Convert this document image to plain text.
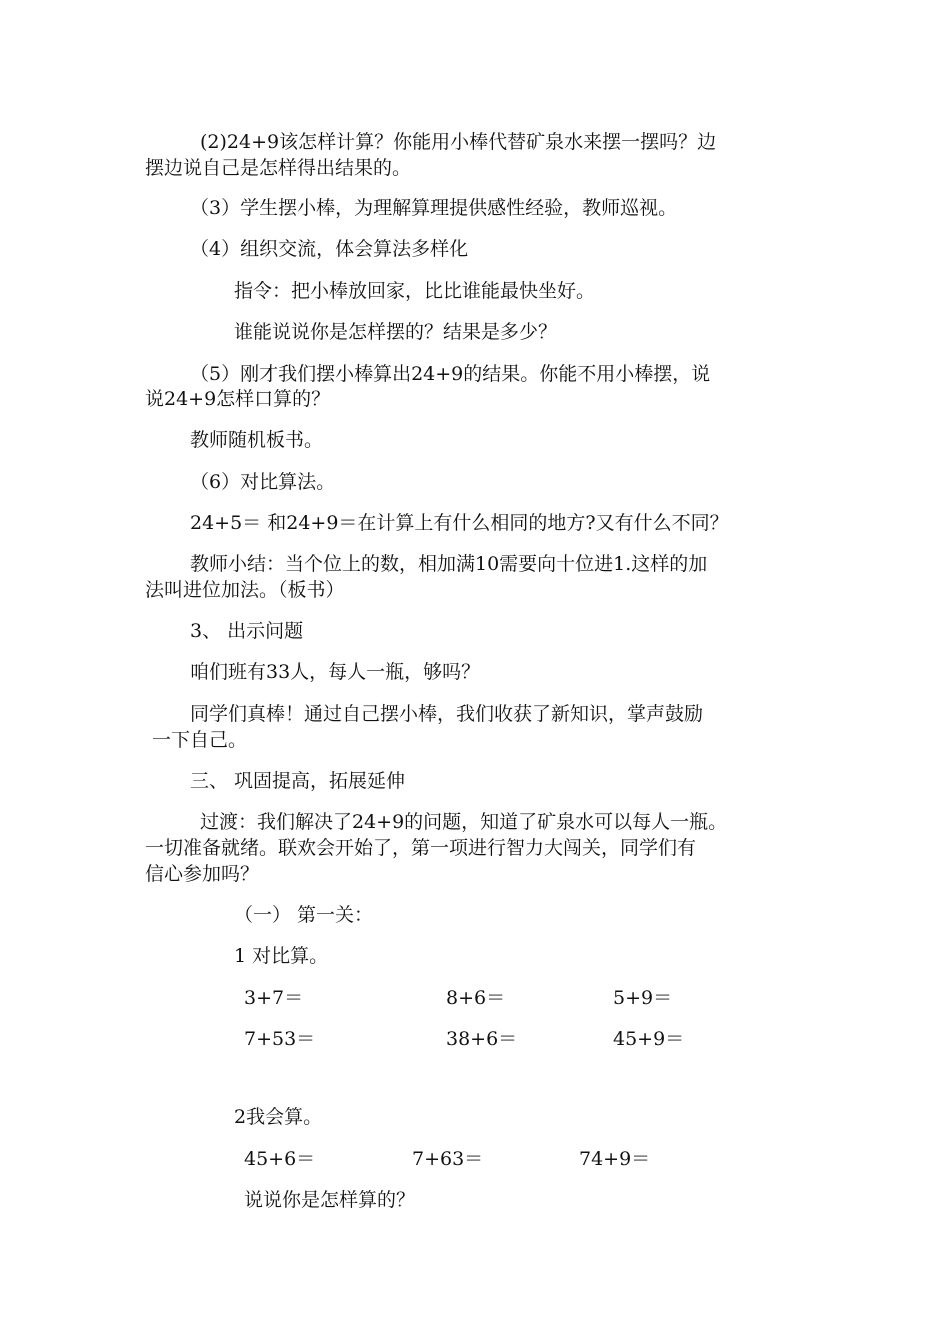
(2)24+9该怎样计算？你能用小棒代替矿泉水来摆一摆吗？边
摆边说自己是怎样得出结果的。
（3）学生摆小棒，为理解算理提供感性经验，教师巡视。
（4）组织交流，体会算法多样化
指令：把小棒放回家，比比谁能最快坐好。
谁能说说你是怎样摆的？结果是多少？
（5）刚才我们摆小棒算出24+9的结果。你能不用小棒摆，说
说24+9怎样口算的？
教师随机板书。
（6）对比算法。
24+5＝ 和24+9＝在计算上有什么相同的地方?又有什么不同？
教师小结：当个位上的数，相加满10需要向十位进1.这样的加
法叫进位加法。（板书）
3、 出示问题
咱们班有33人，每人一瓶，够吗？
同学们真棒！通过自己摆小棒，我们收获了新知识，掌声鼓励
一下自己。
三、 巩固提高，拓展延伸
过渡：我们解决了24+9的问题，知道了矿泉水可以每人一瓶。
一切准备就绪。联欢会开始了，第一项进行智力大闯关，同学们有
信心参加吗？
（一） 第一关：
1 对比算。
3+7＝	8+6＝	5+9＝
7+53＝	38+6＝	45+9＝
2我会算。
45+6＝	7+63＝	74+9＝
说说你是怎样算的？
